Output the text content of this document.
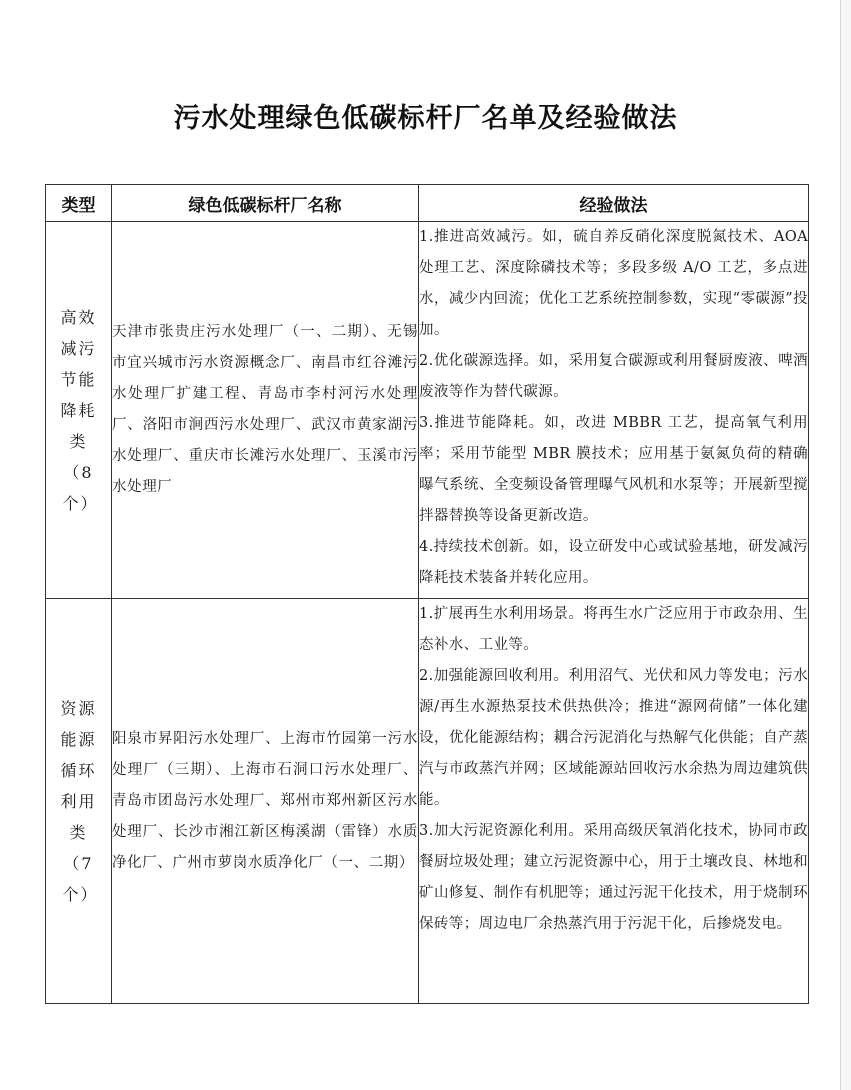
污水处理绿色低碳标杆厂名单及经验做法
类型	绿色低碳标杆厂名称	经验做法

高效减污节能降耗类
（8个）	天津市张贵庄污水处理厂（一、二期）、无锡市宜兴城市污水资源概念厂、南昌市红谷滩污水处理厂扩建工程、青岛市李村河污水处理厂、洛阳市涧西污水处理厂、武汉市黄家湖污水处理厂、重庆市长滩污水处理厂、玉溪市污水处理厂	1.推进高效减污。如，硫自养反硝化深度脱氮技术、AOA 处理工艺、深度除磷技术等；多段多级 A/O 工艺，多点进水，减少内回流；优化工艺系统控制参数，实现“零碳源”投加。
2.优化碳源选择。如，采用复合碳源或利用餐厨废液、啤酒废液等作为替代碳源。
3.推进节能降耗。如，改进 MBBR 工艺，提高氧气利用率；采用节能型 MBR 膜技术；应用基于氨氮负荷的精确曝气系统、全变频设备管理曝气风机和水泵等；开展新型搅拌器替换等设备更新改造。
4.持续技术创新。如，设立研发中心或试验基地，研发减污降耗技术装备并转化应用。

资源能源循环利用类
（7个）	阳泉市昇阳污水处理厂、上海市竹园第一污水处理厂（三期）、上海市石洞口污水处理厂、青岛市团岛污水处理厂、郑州市郑州新区污水处理厂、长沙市湘江新区梅溪湖（雷锋）水质净化厂、广州市萝岗水质净化厂（一、二期）	1.扩展再生水利用场景。将再生水广泛应用于市政杂用、生态补水、工业等。
2.加强能源回收利用。利用沼气、光伏和风力等发电；污水源/再生水源热泵技术供热供冷；推进“源网荷储”一体化建设，优化能源结构；耦合污泥消化与热解气化供能；自产蒸汽与市政蒸汽并网；区域能源站回收污水余热为周边建筑供能。
3.加大污泥资源化利用。采用高级厌氧消化技术，协同市政餐厨垃圾处理；建立污泥资源中心，用于土壤改良、林地和矿山修复、制作有机肥等；通过污泥干化技术，用于烧制环保砖等；周边电厂余热蒸汽用于污泥干化，后掺烧发电。
